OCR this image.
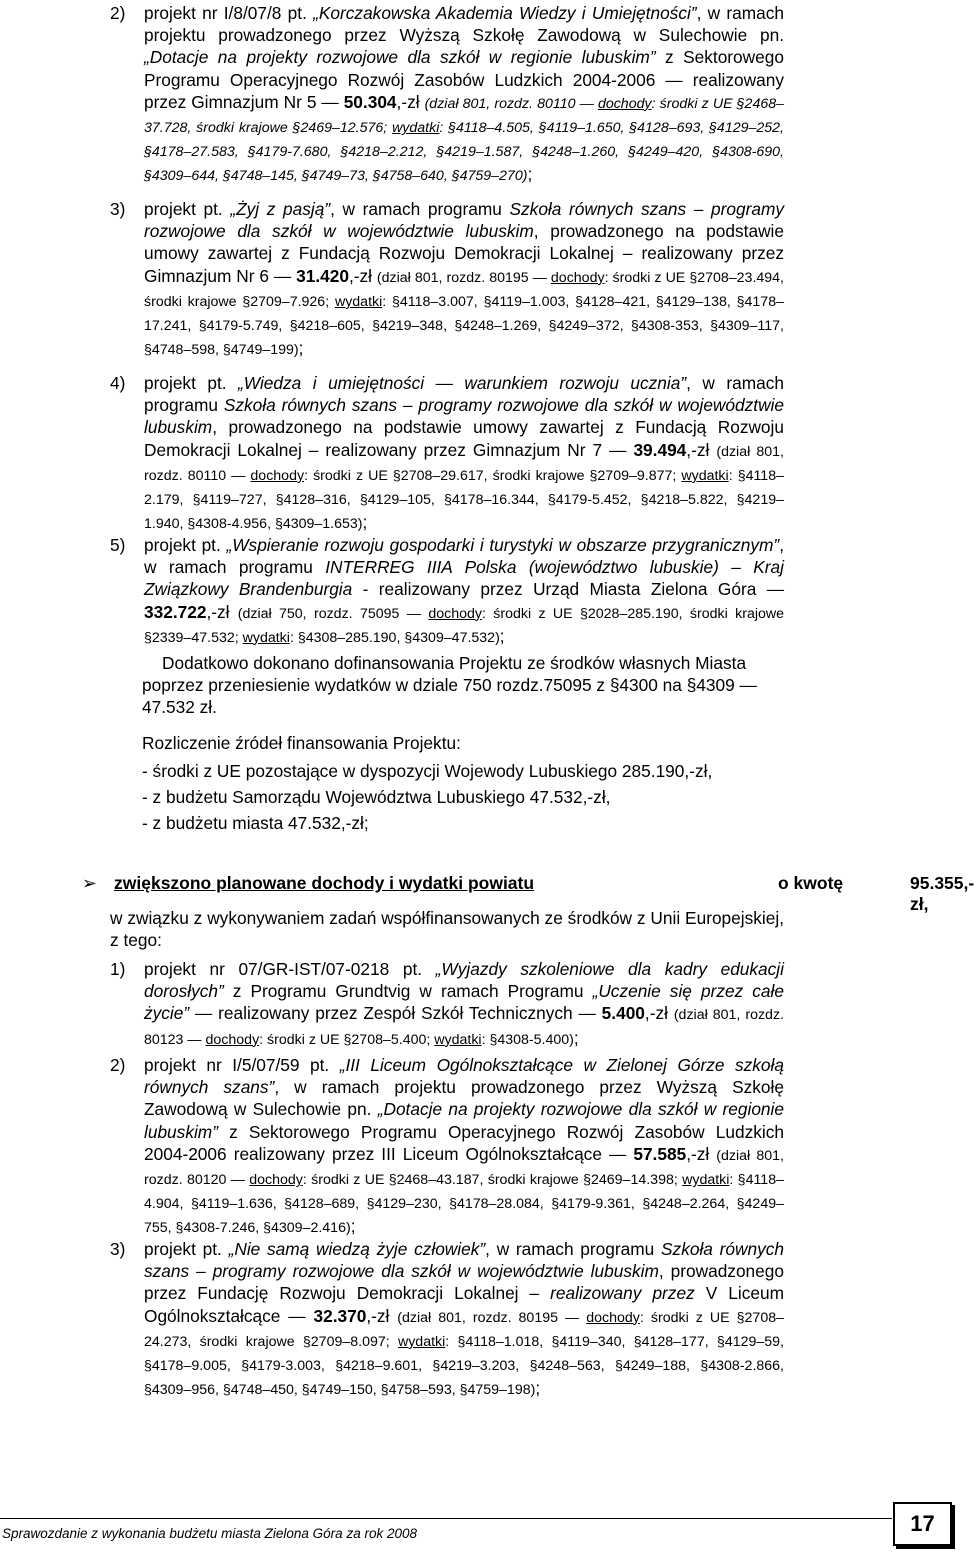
2) projekt nr I/8/07/8 pt. „Korczakowska Akademia Wiedzy i Umiejętności”, w ramach projektu prowadzonego przez Wyższą Szkołę Zawodową w Sulechowie pn. „Dotacje na projekty rozwojowe dla szkół w regionie lubuskim” z Sektorowego Programu Operacyjnego Rozwój Zasobów Ludzkich 2004-2006 — realizowany przez Gimnazjum Nr 5 — 50.304,-zł (dział 801, rozdz. 80110 — dochody: środki z UE §2468–37.728, środki krajowe §2469–12.576; wydatki: §4118–4.505, §4119–1.650, §4128–693, §4129–252, §4178–27.583, §4179-7.680, §4218–2.212, §4219–1.587, §4248–1.260, §4249–420, §4308-690, §4309–644, §4748–145, §4749–73, §4758–640, §4759–270);
3) projekt pt. „Żyj z pasją”, w ramach programu Szkoła równych szans – programy rozwojowe dla szkół w województwie lubuskim, prowadzonego na podstawie umowy zawartej z Fundacją Rozwoju Demokracji Lokalnej – realizowany przez Gimnazjum Nr 6 — 31.420,-zł (dział 801, rozdz. 80195 — dochody: środki z UE §2708–23.494, środki krajowe §2709–7.926; wydatki: §4118–3.007, §4119–1.003, §4128–421, §4129–138, §4178–17.241, §4179-5.749, §4218–605, §4219–348, §4248–1.269, §4249–372, §4308-353, §4309–117, §4748–598, §4749–199);
4) projekt pt. „Wiedza i umiejętności — warunkiem rozwoju ucznia”, w ramach programu Szkoła równych szans – programy rozwojowe dla szkół w województwie lubuskim, prowadzonego na podstawie umowy zawartej z Fundacją Rozwoju Demokracji Lokalnej – realizowany przez Gimnazjum Nr 7 — 39.494,-zł (dział 801, rozdz. 80110 — dochody: środki z UE §2708–29.617, środki krajowe §2709–9.877; wydatki: §4118–2.179, §4119–727, §4128–316, §4129–105, §4178–16.344, §4179-5.452, §4218–5.822, §4219–1.940, §4308-4.956, §4309–1.653);
5) projekt pt. „Wspieranie rozwoju gospodarki i turystyki w obszarze przygranicznym”, w ramach programu INTERREG IIIA Polska (województwo lubuskie) – Kraj Związkowy Brandenburgia - realizowany przez Urząd Miasta Zielona Góra — 332.722,-zł (dział 750, rozdz. 75095 — dochody: środki z UE §2028–285.190, środki krajowe §2339–47.532; wydatki: §4308–285.190, §4309–47.532);
Dodatkowo dokonano dofinansowania Projektu ze środków własnych Miasta poprzez przeniesienie wydatków w dziale 750 rozdz.75095 z §4300 na §4309 — 47.532 zł.
Rozliczenie źródeł finansowania Projektu:
- środki z UE pozostające w dyspozycji Wojewody Lubuskiego 285.190,-zł,
- z budżetu Samorządu Województwa Lubuskiego 47.532,-zł,
- z budżetu miasta 47.532,-zł;
➢ zwiększono planowane dochody i wydatki powiatu	o kwotę	95.355,-zł,
w związku z wykonywaniem zadań współfinansowanych ze środków z Unii Europejskiej, z tego:
1) projekt nr 07/GR-IST/07-0218 pt. „Wyjazdy szkoleniowe dla kadry edukacji dorosłych” z Programu Grundtvig w ramach Programu „Uczenie się przez całe życie” — realizowany przez Zespół Szkół Technicznych — 5.400,-zł (dział 801, rozdz. 80123 — dochody: środki z UE §2708–5.400; wydatki: §4308-5.400);
2) projekt nr I/5/07/59 pt. „III Liceum Ogólnokształcące w Zielonej Górze szkołą równych szans”, w ramach projektu prowadzonego przez Wyższą Szkołę Zawodową w Sulechowie pn. „Dotacje na projekty rozwojowe dla szkół w regionie lubuskim” z Sektorowego Programu Operacyjnego Rozwój Zasobów Ludzkich 2004-2006 realizowany przez III Liceum Ogólnokształcące — 57.585,-zł (dział 801, rozdz. 80120 — dochody: środki z UE §2468–43.187, środki krajowe §2469–14.398; wydatki: §4118–4.904, §4119–1.636, §4128–689, §4129–230, §4178–28.084, §4179-9.361, §4248–2.264, §4249–755, §4308-7.246, §4309–2.416);
3) projekt pt. „Nie samą wiedzą żyje człowiek”, w ramach programu Szkoła równych szans – programy rozwojowe dla szkół w województwie lubuskim, prowadzonego przez Fundację Rozwoju Demokracji Lokalnej – realizowany przez V Liceum Ogólnokształcące — 32.370,-zł (dział 801, rozdz. 80195 — dochody: środki z UE §2708–24.273, środki krajowe §2709–8.097; wydatki: §4118–1.018, §4119–340, §4128–177, §4129–59, §4178–9.005, §4179-3.003, §4218–9.601, §4219–3.203, §4248–563, §4249–188, §4308-2.866, §4309–956, §4748–450, §4749–150, §4758–593, §4759–198);
Sprawozdanie z wykonania budżetu miasta Zielona Góra za rok 2008	17
